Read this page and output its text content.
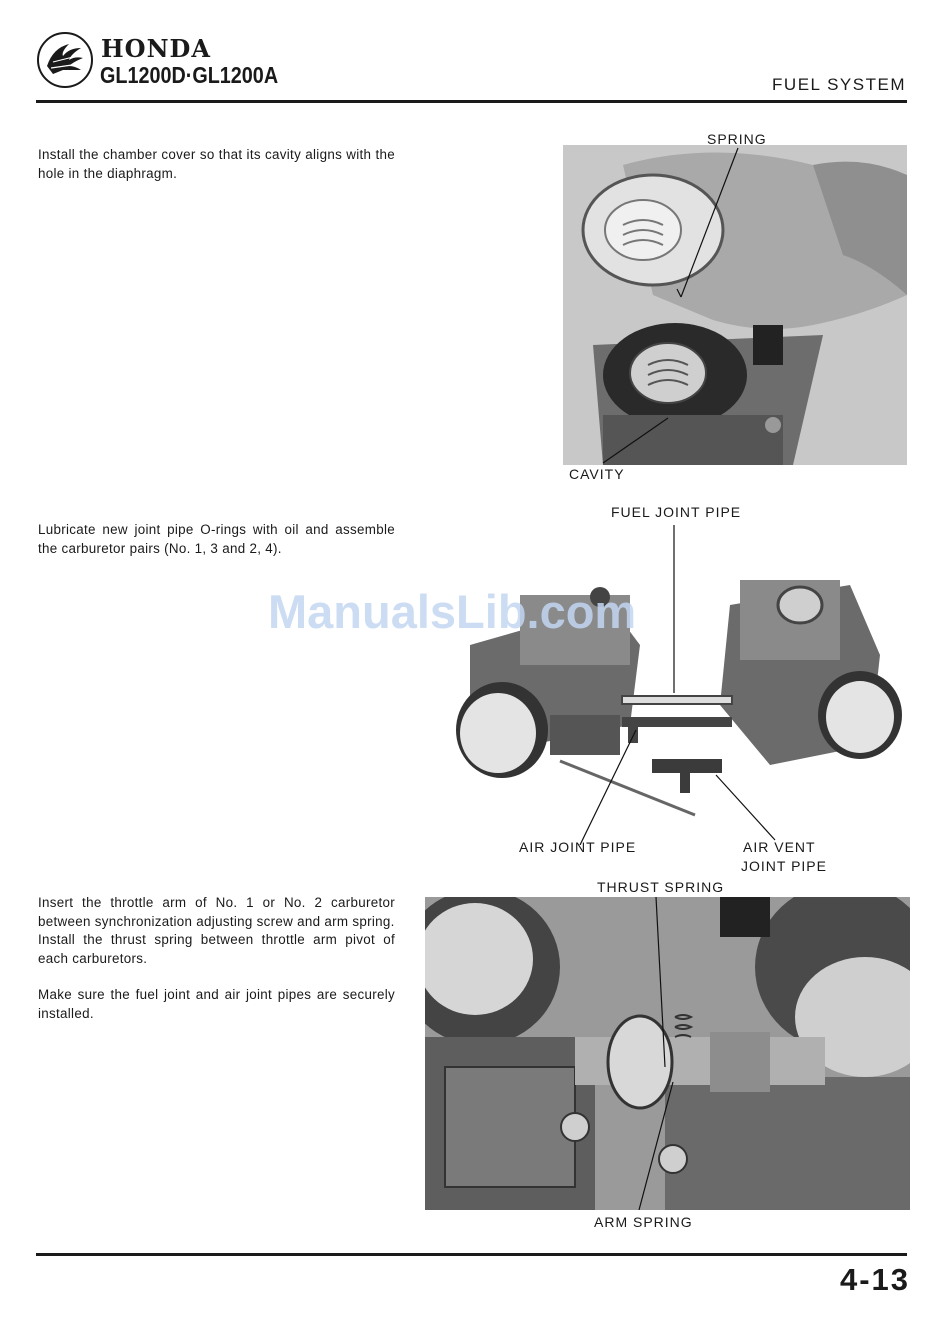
HONDA
GL1200D·GL1200A	FUEL SYSTEM

Install the chamber cover so that its cavity aligns with the hole in the diaphragm.

SPRING
CAVITY

Lubricate new joint pipe O-rings with oil and assemble the carburetor pairs (No. 1, 3 and 2, 4).

FUEL JOINT PIPE
AIR JOINT PIPE	AIR VENT
JOINT PIPE
ManualsLib.com

Insert the throttle arm of No. 1 or No. 2 carburetor between synchronization adjusting screw and arm spring.

Install the thrust spring between throttle arm pivot of each carburetors.

Make sure the fuel joint and air joint pipes are securely installed.

THRUST SPRING
ARM SPRING
4-13
